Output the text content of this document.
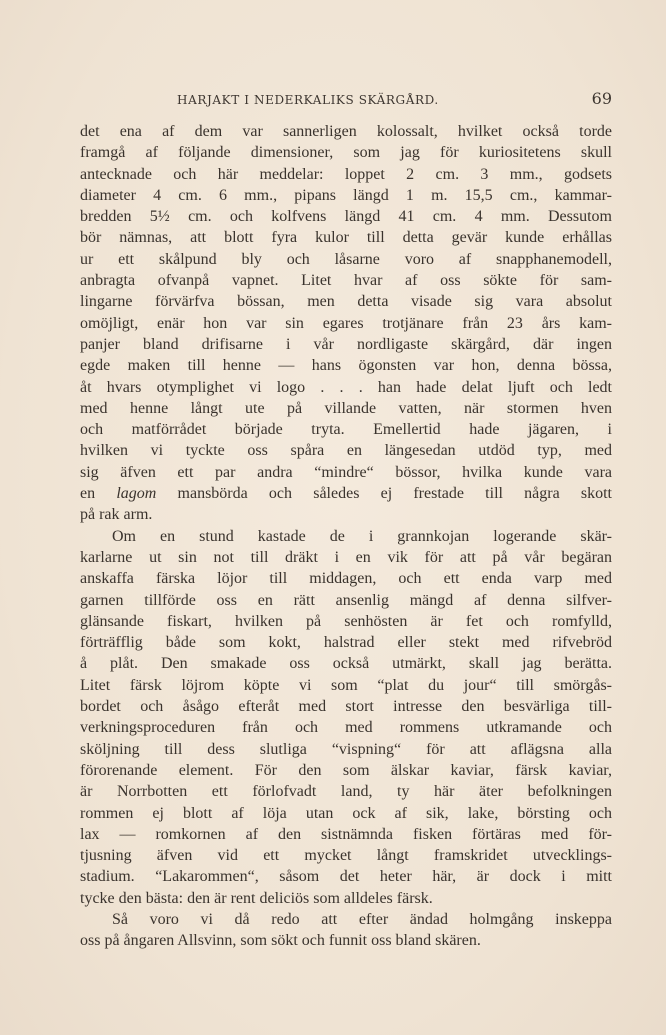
HARJAKT I NEDERKALIKS SKÄRGÅRD.	69
det ena af dem var sannerligen kolossalt, hvilket också torde
framgå af följande dimensioner, som jag för kuriositetens skull
antecknade och här meddelar: loppet 2 cm. 3 mm., godsets
diameter 4 cm. 6 mm., pipans längd 1 m. 15,5 cm., kammar-
bredden 5½ cm. och kolfvens längd 41 cm. 4 mm. Dessutom
bör nämnas, att blott fyra kulor till detta gevär kunde erhållas
ur ett skålpund bly och låsarne voro af snapphanemodell,
anbragta ofvanpå vapnet. Litet hvar af oss sökte för sam-
lingarne förvärfva bössan, men detta visade sig vara absolut
omöjligt, enär hon var sin egares trotjänare från 23 års kam-
panjer bland drifisarne i vår nordligaste skärgård, där ingen
egde maken till henne — hans ögonsten var hon, denna bössa,
åt hvars otymplighet vi logo . . . han hade delat ljuft och ledt
med henne långt ute på villande vatten, när stormen hven
och matförrådet började tryta. Emellertid hade jägaren, i
hvilken vi tyckte oss spåra en längesedan utdöd typ, med
sig äfven ett par andra “mindre“ bössor, hvilka kunde vara
en lagom mansbörda och således ej frestade till några skott
på rak arm.
Om en stund kastade de i grannkojan logerande skär-
karlarne ut sin not till dräkt i en vik för att på vår begäran
anskaffa färska löjor till middagen, och ett enda varp med
garnen tillförde oss en rätt ansenlig mängd af denna silfver-
glänsande fiskart, hvilken på senhösten är fet och romfylld,
förträfflig både som kokt, halstrad eller stekt med rifvebröd
å plåt. Den smakade oss också utmärkt, skall jag berätta.
Litet färsk löjrom köpte vi som “plat du jour“ till smörgås-
bordet och åsågo efteråt med stort intresse den besvärliga till-
verkningsproceduren från och med rommens utkramande och
sköljning till dess slutliga “vispning“ för att aflägsna alla
förorenande element. För den som älskar kaviar, färsk kaviar,
är Norrbotten ett förlofvadt land, ty här äter befolkningen
rommen ej blott af löja utan ock af sik, lake, börsting och
lax — romkornen af den sistnämnda fisken förtäras med för-
tjusning äfven vid ett mycket långt framskridet utvecklings-
stadium. “Lakarommen“, såsom det heter här, är dock i mitt
tycke den bästa: den är rent deliciös som alldeles färsk.
Så voro vi då redo att efter ändad holmgång inskeppa
oss på ångaren Allsvinn, som sökt och funnit oss bland skären.
